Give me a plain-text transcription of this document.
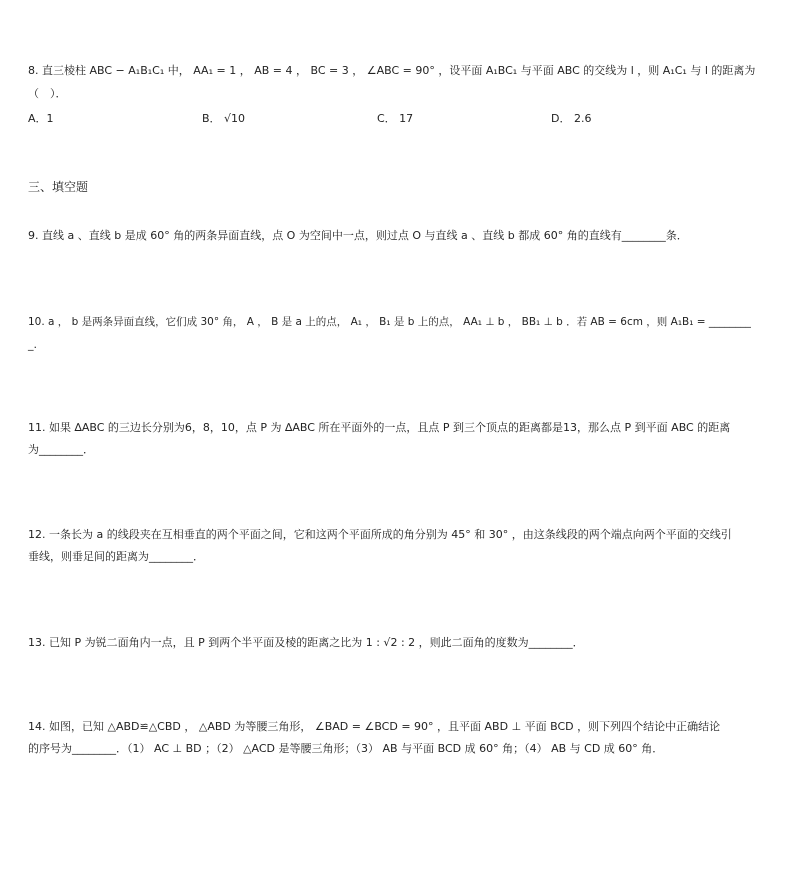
8. 直三棱柱 ABC − A₁B₁C₁ 中， AA₁ = 1 ， AB = 4 ， BC = 3 ， ∠ABC = 90° ，设平面 A₁BC₁ 与平面 ABC 的交线为 l ，则 A₁C₁ 与 l 的距离为
（　）．
A．1	B． √10	C． 17	D． 2.6
三、填空题
9. 直线 a 、直线 b 是成 60° 角的两条异面直线，点 O 为空间中一点，则过点 O 与直线 a 、直线 b 都成 60° 角的直线有________条．
10. a ， b 是两条异面直线，它们成 30° 角， A ， B 是 a 上的点， A₁ ， B₁ 是 b 上的点， AA₁ ⊥ b ， BB₁ ⊥ b ．若 AB = 6cm ，则 A₁B₁ = ________
_.
11. 如果 ∆ABC 的三边长分别为6，8，10，点 P 为 ∆ABC 所在平面外的一点，且点 P 到三个顶点的距离都是13，那么点 P 到平面 ABC 的距离
为________．
12. 一条长为 a 的线段夹在互相垂直的两个平面之间，它和这两个平面所成的角分别为 45° 和 30° ，由这条线段的两个端点向两个平面的交线引
垂线，则垂足间的距离为________．
13. 已知 P 为锐二面角内一点，且 P 到两个半平面及棱的距离之比为 1 : √2 : 2 ，则此二面角的度数为________．
14. 如图，已知 △ABD≌△CBD ， △ABD 为等腰三角形， ∠BAD = ∠BCD = 90° ，且平面 ABD ⊥ 平面 BCD ，则下列四个结论中正确结论
的序号为________．（1） AC ⊥ BD ；（2） △ACD 是等腰三角形；（3） AB 与平面 BCD 成 60° 角；（4） AB 与 CD 成 60° 角．
